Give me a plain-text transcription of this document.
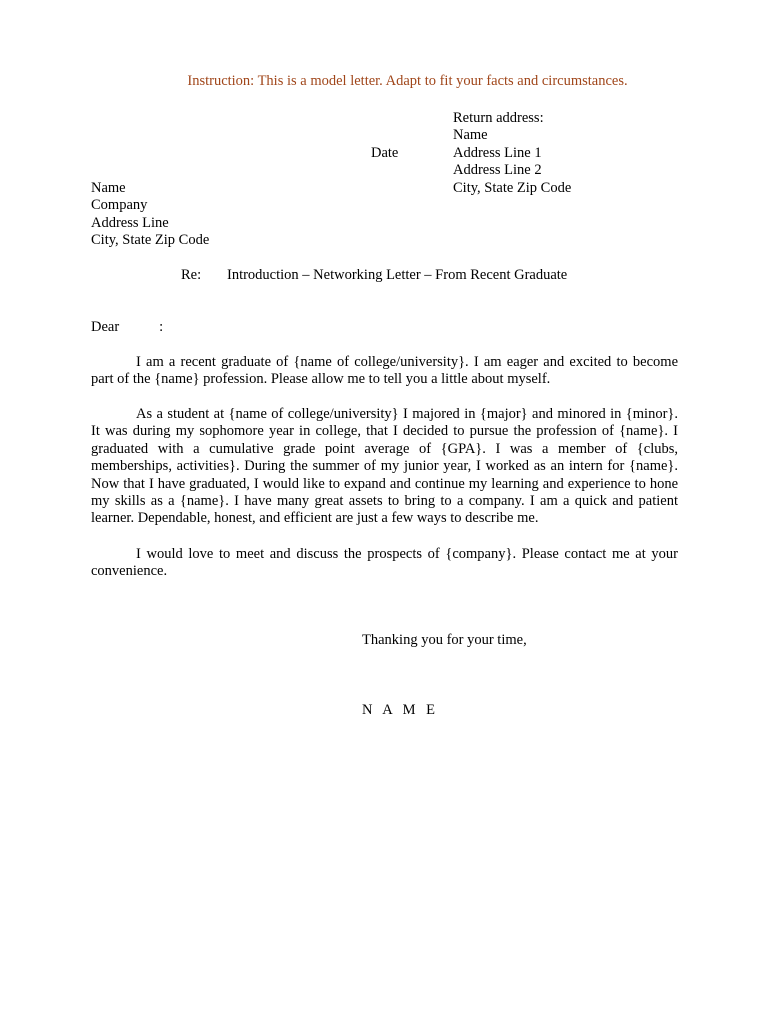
Instruction: This is a model letter. Adapt to fit your facts and circumstances.
Return address:
Name
Address Line 1
Address Line 2
City, State Zip Code
Date
Name
Company
Address Line
City, State Zip Code
Re: Introduction – Networking Letter – From Recent Graduate
Dear	:
I am a recent graduate of {name of college/university}. I am eager and excited to become part of the {name} profession. Please allow me to tell you a little about myself.
As a student at {name of college/university} I majored in {major} and minored in {minor}. It was during my sophomore year in college, that I decided to pursue the profession of {name}. I graduated with a cumulative grade point average of {GPA}. I was a member of {clubs, memberships, activities}. During the summer of my junior year, I worked as an intern for {name}. Now that I have graduated, I would like to expand and continue my learning and experience to hone my skills as a {name}. I have many great assets to bring to a company. I am a quick and patient learner. Dependable, honest, and efficient are just a few ways to describe me.
I would love to meet and discuss the prospects of {company}. Please contact me at your convenience.
Thanking you for your time,
N A M E
